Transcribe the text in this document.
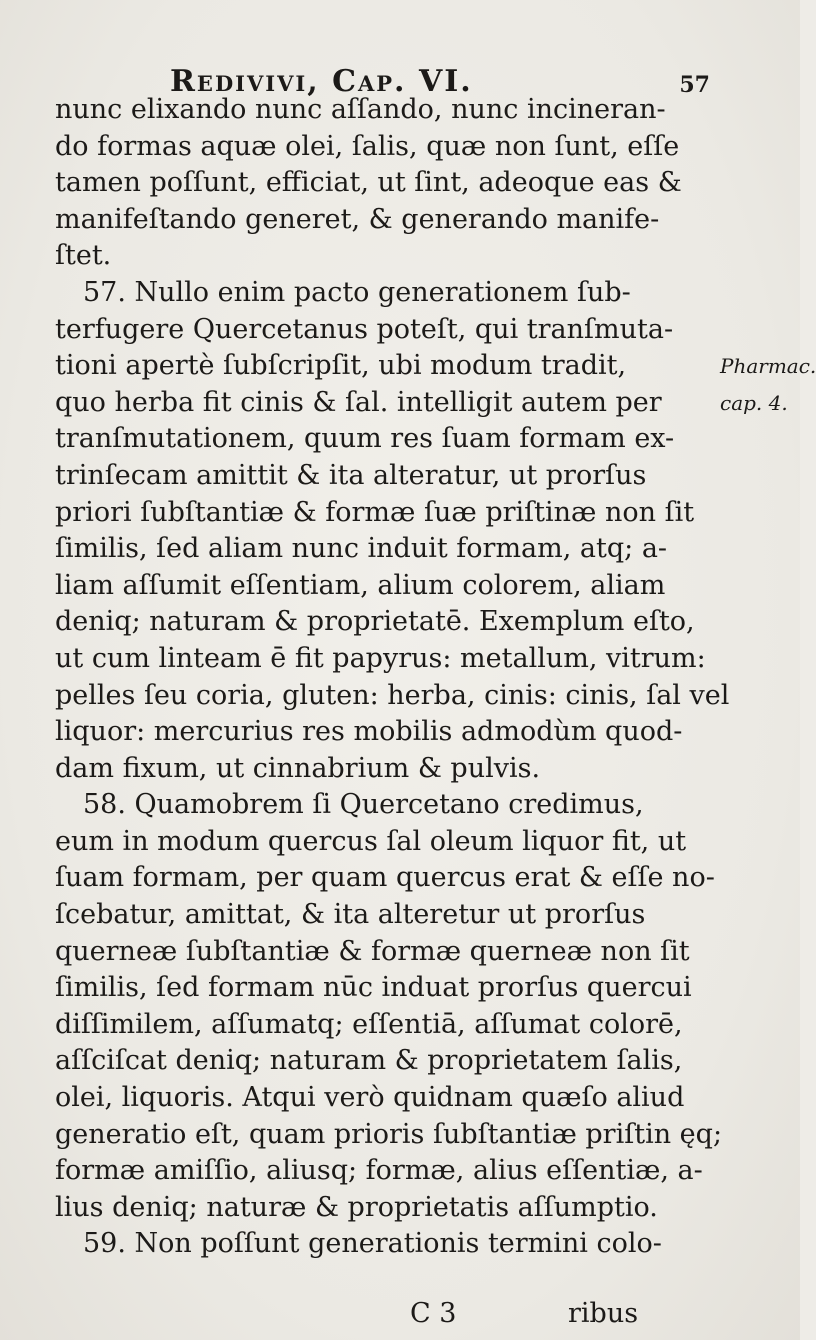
Redivivi, Cap. VI.	57
nunc elixando nunc aſſando, nunc incineran-
do formas aquæ olei, ſalis, quæ non ſunt, eſſe
tamen poſſunt, efficiat, ut ſint, adeoque eas &
manifeſtando generet, & generando manife-
ſtet.
57. Nullo enim pacto generationem ſub-
terfugere Quercetanus poteſt, qui tranſmuta-
tioni apertè ſubſcripſit, ubi modum tradit,
quo herba fit cinis & ſal. intelligit autem per
tranſmutationem, quum res ſuam formam ex-
trinſecam amittit & ita alteratur, ut prorſus
priori ſubſtantiæ & formæ ſuæ priſtinæ non ſit
ſimilis, ſed aliam nunc induit formam, atq; a-
liam aſſumit eſſentiam, alium colorem, aliam
deniq; naturam & proprietatē. Exemplum eſto,
ut cum linteam ē fit papyrus: metallum, vitrum:
pelles ſeu coria, gluten: herba, cinis: cinis, ſal vel
liquor: mercurius res mobilis admodùm quod-
dam fixum, ut cinnabrium & pulvis.
58. Quamobrem ſi Quercetano credimus,
eum in modum quercus ſal oleum liquor fit, ut
ſuam formam, per quam quercus erat & eſſe no-
ſcebatur, amittat, & ita alteretur ut prorſus
querneæ ſubſtantiæ & formæ querneæ non ſit
ſimilis, ſed formam nūc induat prorſus quercui
diſſimilem, aſſumatq; eſſentiā, aſſumat colorē,
aſſciſcat deniq; naturam & proprietatem ſalis,
olei, liquoris. Atqui verò quidnam quæſo aliud
generatio eſt, quam prioris ſubſtantiæ priſtin ęq;
formæ amiſſio, aliusq; formæ, alius eſſentiæ, a-
lius deniq; naturæ & proprietatis aſſumptio.
59. Non poſſunt generationis termini colo-
Pharmac.
cap. 4.
C 3	ribus
